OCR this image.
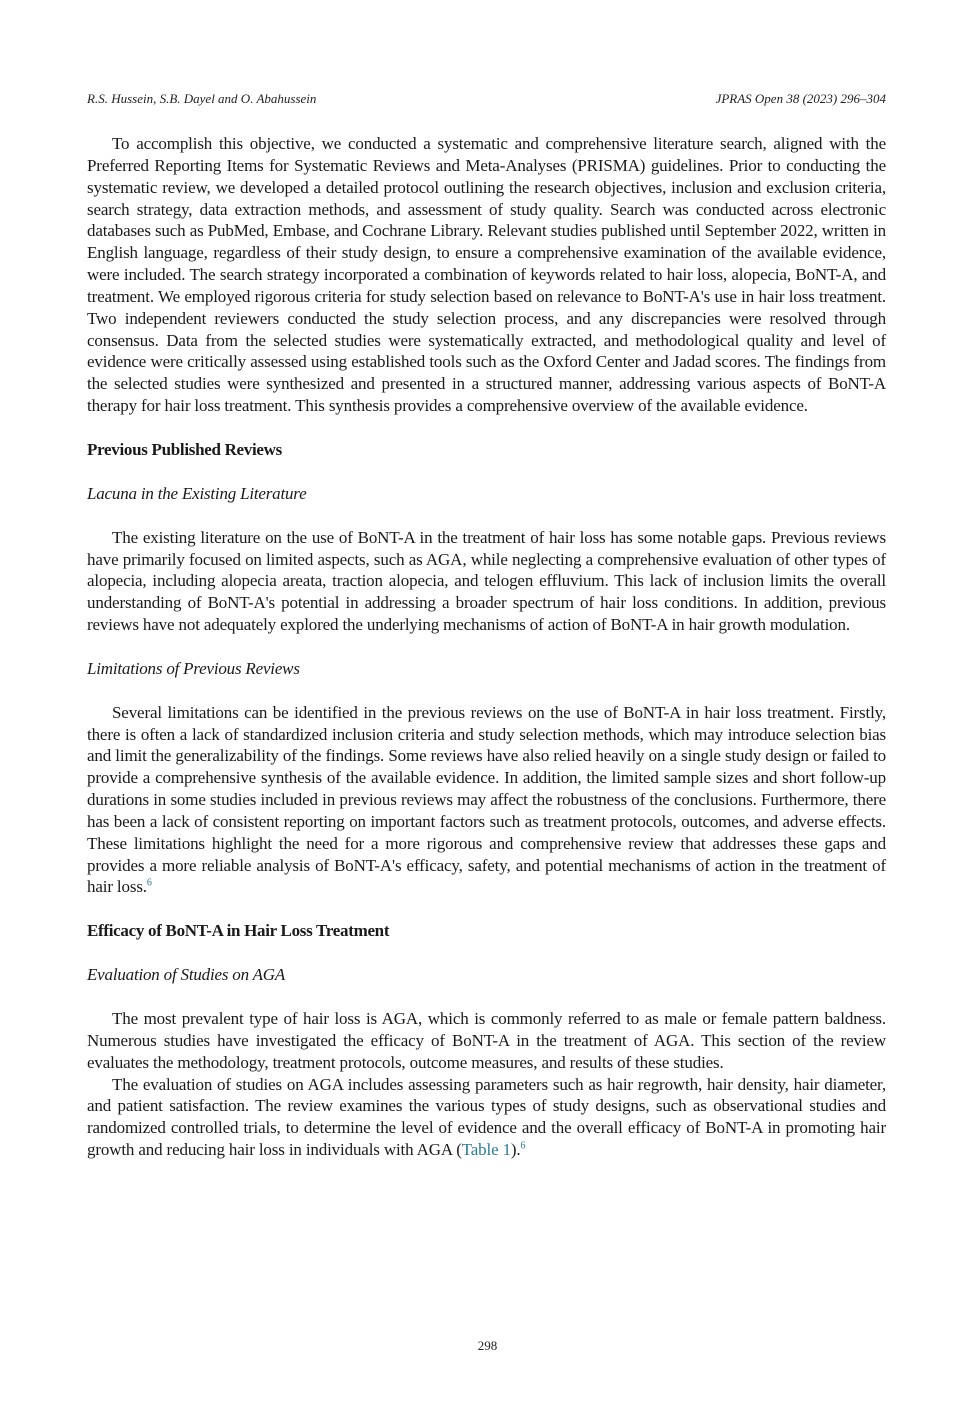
R.S. Hussein, S.B. Dayel and O. Abahussein	JPRAS Open 38 (2023) 296–304

To accomplish this objective, we conducted a systematic and comprehensive literature search, aligned with the Preferred Reporting Items for Systematic Reviews and Meta-Analyses (PRISMA) guidelines. Prior to conducting the systematic review, we developed a detailed protocol outlining the research objectives, inclusion and exclusion criteria, search strategy, data extraction methods, and assessment of study quality. Search was conducted across electronic databases such as PubMed, Embase, and Cochrane Library. Relevant studies published until September 2022, written in English language, regardless of their study design, to ensure a comprehensive examination of the available evidence, were included. The search strategy incorporated a combination of keywords related to hair loss, alopecia, BoNT-A, and treatment. We employed rigorous criteria for study selection based on relevance to BoNT-A's use in hair loss treatment. Two independent reviewers conducted the study selection process, and any discrepancies were resolved through consensus. Data from the selected studies were systematically extracted, and methodological quality and level of evidence were critically assessed using established tools such as the Oxford Center and Jadad scores. The findings from the selected studies were synthesized and presented in a structured manner, addressing various aspects of BoNT-A therapy for hair loss treatment. This synthesis provides a comprehensive overview of the available evidence.

Previous Published Reviews
Lacuna in the Existing Literature

The existing literature on the use of BoNT-A in the treatment of hair loss has some notable gaps. Previous reviews have primarily focused on limited aspects, such as AGA, while neglecting a comprehensive evaluation of other types of alopecia, including alopecia areata, traction alopecia, and telogen effluvium. This lack of inclusion limits the overall understanding of BoNT-A's potential in addressing a broader spectrum of hair loss conditions. In addition, previous reviews have not adequately explored the underlying mechanisms of action of BoNT-A in hair growth modulation.

Limitations of Previous Reviews

Several limitations can be identified in the previous reviews on the use of BoNT-A in hair loss treatment. Firstly, there is often a lack of standardized inclusion criteria and study selection methods, which may introduce selection bias and limit the generalizability of the findings. Some reviews have also relied heavily on a single study design or failed to provide a comprehensive synthesis of the available evidence. In addition, the limited sample sizes and short follow-up durations in some studies included in previous reviews may affect the robustness of the conclusions. Furthermore, there has been a lack of consistent reporting on important factors such as treatment protocols, outcomes, and adverse effects. These limitations highlight the need for a more rigorous and comprehensive review that addresses these gaps and provides a more reliable analysis of BoNT-A's efficacy, safety, and potential mechanisms of action in the treatment of hair loss.$^6$

Efficacy of BoNT-A in Hair Loss Treatment
Evaluation of Studies on AGA

The most prevalent type of hair loss is AGA, which is commonly referred to as male or female pattern baldness. Numerous studies have investigated the efficacy of BoNT-A in the treatment of AGA. This section of the review evaluates the methodology, treatment protocols, outcome measures, and results of these studies.

The evaluation of studies on AGA includes assessing parameters such as hair regrowth, hair density, hair diameter, and patient satisfaction. The review examines the various types of study designs, such as observational studies and randomized controlled trials, to determine the level of evidence and the overall efficacy of BoNT-A in promoting hair growth and reducing hair loss in individuals with AGA (Table 1).$^6$

298
